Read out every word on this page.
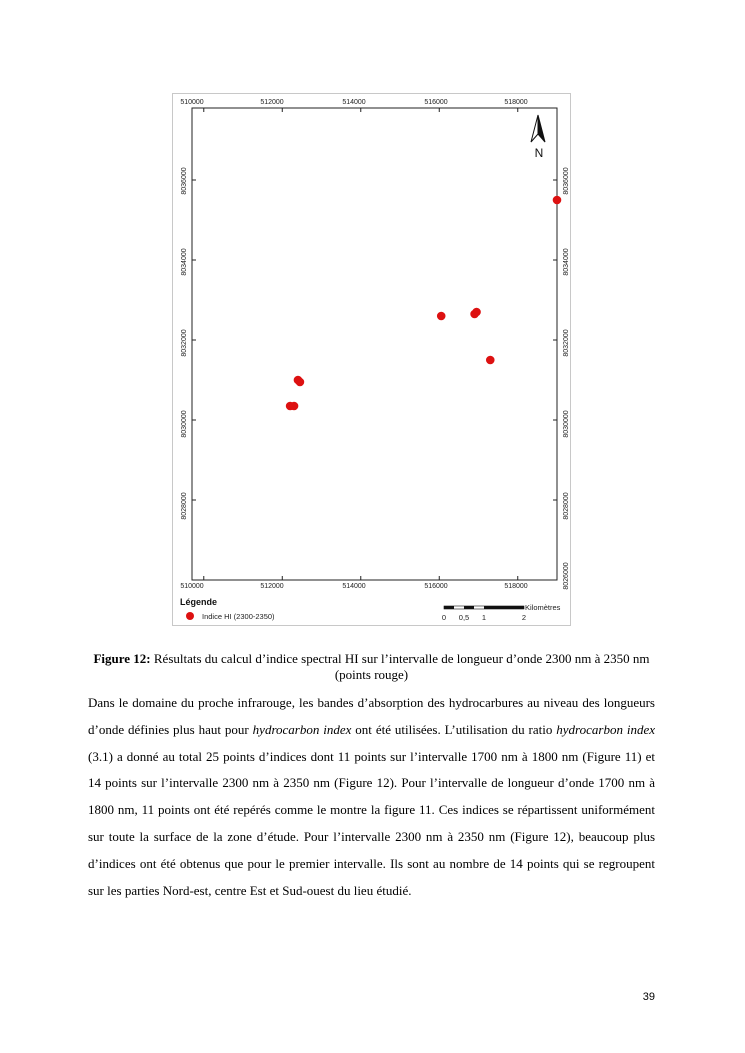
510000	512000	514000	516000	518000
510000	512000	514000	516000	518000
8036000
8034000
8032000
8030000
8028000
8036000
8034000
8032000
8030000
8028000
8026000
N
Légende
Indice HI (2300-2350)
Kilomètres
0 0,5 1	2
Figure 12: Résultats du calcul d’indice spectral HI sur l’intervalle de longueur d’onde 2300 nm à 2350 nm (points rouge)

Dans le domaine du proche infrarouge, les bandes d’absorption des hydrocarbures au niveau des longueurs d’onde définies plus haut pour hydrocarbon index ont été utilisées. L’utilisation du ratio hydrocarbon index (3.1) a donné au total 25 points d’indices dont 11 points sur l’intervalle 1700 nm à 1800 nm (Figure 11) et 14 points sur l’intervalle 2300 nm à 2350 nm (Figure 12). Pour l’intervalle de longueur d’onde 1700 nm à 1800 nm, 11 points ont été repérés comme le montre la figure 11. Ces indices se répartissent uniformément sur toute la surface de la zone d’étude. Pour l’intervalle 2300 nm à 2350 nm (Figure 12), beaucoup plus d’indices ont été obtenus que pour le premier intervalle. Ils sont au nombre de 14 points qui se regroupent sur les parties Nord-est, centre Est et Sud-ouest du lieu étudié.

39
